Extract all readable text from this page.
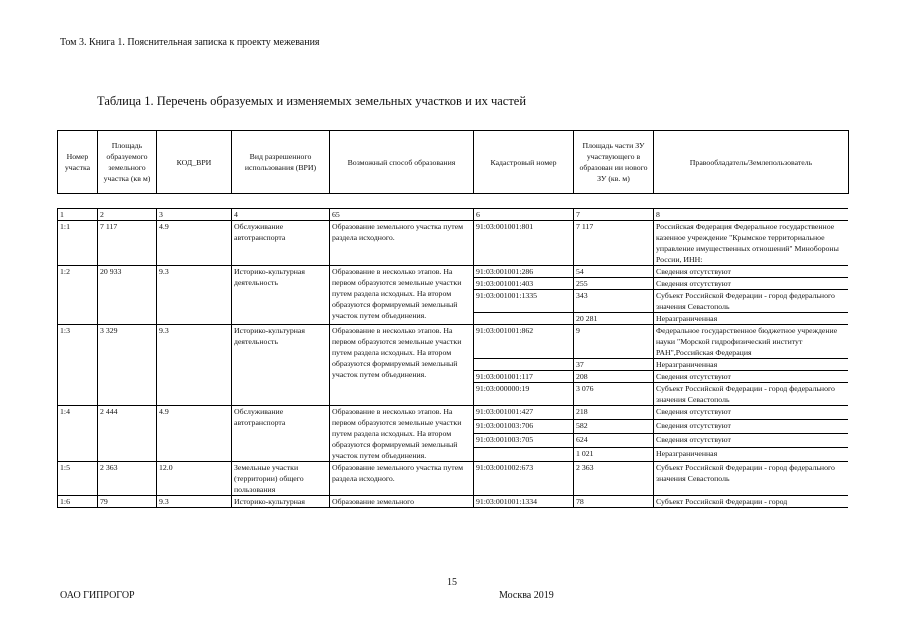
Том 3. Книга 1. Пояснительная записка к проекту межевания
Таблица 1. Перечень образуемых и изменяемых земельных участков и их частей
Номер участка	Площадь образуемого земельного участка (кв м)	КОД_ВРИ	Вид разрешенного использования (ВРИ)	Возможный способ образования	Кадастровый номер	Площадь части ЗУ участвующего в образован ии нового ЗУ (кв. м)	Правообладатель/Землепользователь
1	2	3	4	65	6	7	8
1:1	7 117	4.9	Обслуживание автотранспорта	Образование земельного участка путем раздела исходного.	91:03:001001:801	7 117	Российская Федерация Федеральное государственное казенное учреждение "Крымское территориальное управление имущественных отношений" Минобороны России, ИНН:
1:2	20 933	9.3	Историко-культурная деятельность	Образование в несколько этапов. На первом образуются земельные участки путем раздела исходных. На втором образуются формируемый земельный участок путем объединения.	91:03:001001:286	54	Сведения отсутствуют
					91:03:001001:403	255	Сведения отсутствуют
					91:03:001001:1335	343	Субъект Российской Федерации - город федерального значения Севастополь
						20 281	Неразграниченная
1:3	3 329	9.3	Историко-культурная деятельность	Образование в несколько этапов. На первом образуются земельные участки путем раздела исходных. На втором образуются формируемый земельный участок путем объединения.	91:03:001001:862	9	Федеральное государственное бюджетное учреждение науки "Морской гидрофизический институт РАН",Российская Федерация
						37	Неразграниченная
					91:03:001001:117	208	Сведения отсутствуют
					91:03:000000:19	3 076	Субъект Российской Федерации - город федерального значения Севастополь
1:4	2 444	4.9	Обслуживание автотранспорта	Образование в несколько этапов. На первом образуются земельные участки путем раздела исходных. На втором образуются формируемый земельный участок путем объединения.	91:03:001001:427	218	Сведения отсутствуют
					91:03:001003:706	582	Сведения отсутствуют
					91:03:001003:705	624	Сведения отсутствуют
						1 021	Неразграниченная
1:5	2 363	12.0	Земельные участки (территории) общего пользования	Образование земельного участка путем раздела исходного.	91:03:001002:673	2 363	Субъект Российской Федерации - город федерального значения Севастополь
1:6	79	9.3	Историко-культурная	Образование земельного	91:03:001001:1334	78	Субъект Российской Федерации - город
15
ОАО ГИПРОГОР	Москва 2019
